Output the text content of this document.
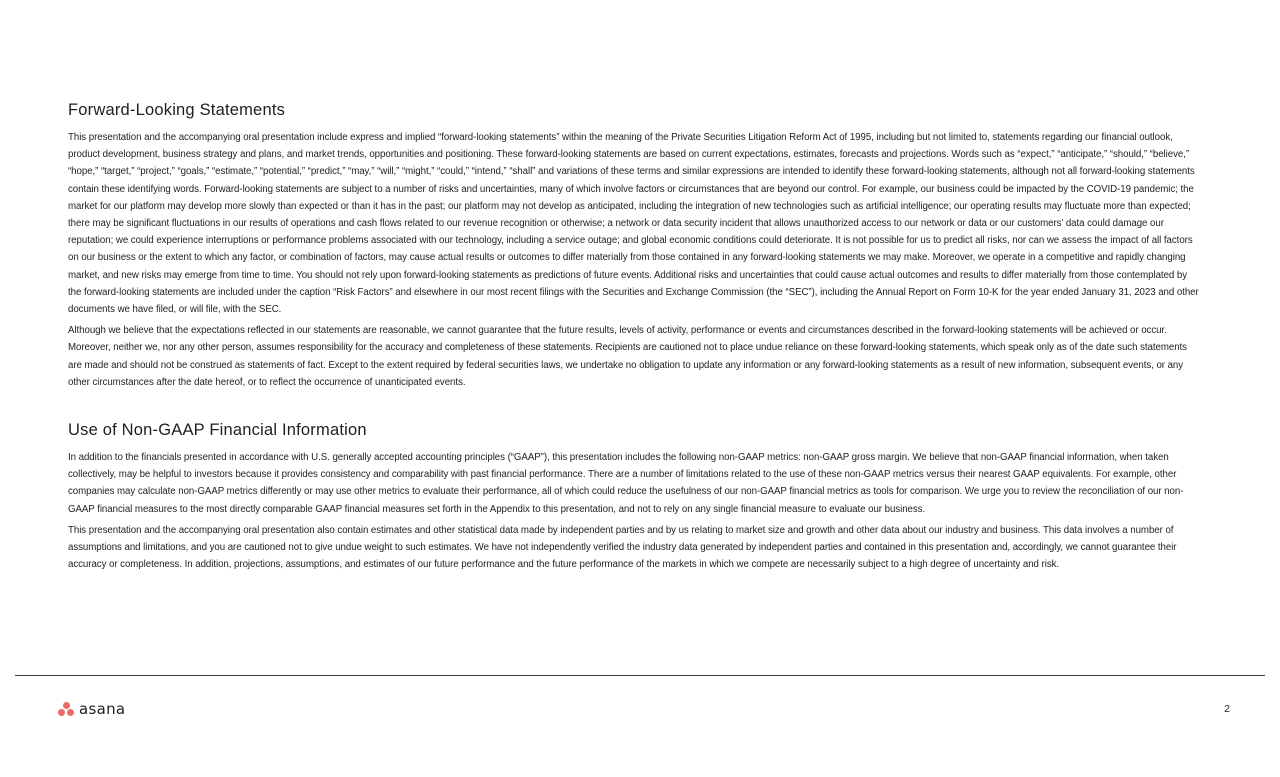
Forward-Looking Statements

This presentation and the accompanying oral presentation include express and implied “forward-looking statements” within the meaning of the Private Securities Litigation Reform Act of 1995, including but not limited to, statements regarding our financial outlook, product development, business strategy and plans, and market trends, opportunities and positioning. These forward-looking statements are based on current expectations, estimates, forecasts and projections. Words such as “expect,” “anticipate,” “should,” “believe,” “hope,” “target,” “project,” “goals,” “estimate,” “potential,” “predict,” “may,” “will,” “might,” “could,” “intend,” “shall” and variations of these terms and similar expressions are intended to identify these forward-looking statements, although not all forward-looking statements contain these identifying words. Forward-looking statements are subject to a number of risks and uncertainties, many of which involve factors or circumstances that are beyond our control. For example, our business could be impacted by the COVID-19 pandemic; the market for our platform may develop more slowly than expected or than it has in the past; our platform may not develop as anticipated, including the integration of new technologies such as artificial intelligence; our operating results may fluctuate more than expected; there may be significant fluctuations in our results of operations and cash flows related to our revenue recognition or otherwise; a network or data security incident that allows unauthorized access to our network or data or our customers’ data could damage our reputation; we could experience interruptions or performance problems associated with our technology, including a service outage; and global economic conditions could deteriorate. It is not possible for us to predict all risks, nor can we assess the impact of all factors on our business or the extent to which any factor, or combination of factors, may cause actual results or outcomes to differ materially from those contained in any forward-looking statements we may make. Moreover, we operate in a competitive and rapidly changing market, and new risks may emerge from time to time. You should not rely upon forward-looking statements as predictions of future events. Additional risks and uncertainties that could cause actual outcomes and results to differ materially from those contemplated by the forward-looking statements are included under the caption “Risk Factors” and elsewhere in our most recent filings with the Securities and Exchange Commission (the “SEC”), including the Annual Report on Form 10-K for the year ended January 31, 2023 and other documents we have filed, or will file, with the SEC.

Although we believe that the expectations reflected in our statements are reasonable, we cannot guarantee that the future results, levels of activity, performance or events and circumstances described in the forward-looking statements will be achieved or occur. Moreover, neither we, nor any other person, assumes responsibility for the accuracy and completeness of these statements. Recipients are cautioned not to place undue reliance on these forward-looking statements, which speak only as of the date such statements are made and should not be construed as statements of fact. Except to the extent required by federal securities laws, we undertake no obligation to update any information or any forward-looking statements as a result of new information, subsequent events, or any other circumstances after the date hereof, or to reflect the occurrence of unanticipated events.

Use of Non-GAAP Financial Information

In addition to the financials presented in accordance with U.S. generally accepted accounting principles (“GAAP”), this presentation includes the following non-GAAP metrics: non-GAAP gross margin. We believe that non-GAAP financial information, when taken collectively, may be helpful to investors because it provides consistency and comparability with past financial performance. There are a number of limitations related to the use of these non-GAAP metrics versus their nearest GAAP equivalents. For example, other companies may calculate non-GAAP metrics differently or may use other metrics to evaluate their performance, all of which could reduce the usefulness of our non-GAAP financial metrics as tools for comparison. We urge you to review the reconciliation of our non-GAAP financial measures to the most directly comparable GAAP financial measures set forth in the Appendix to this presentation, and not to rely on any single financial measure to evaluate our business.

This presentation and the accompanying oral presentation also contain estimates and other statistical data made by independent parties and by us relating to market size and growth and other data about our industry and business. This data involves a number of assumptions and limitations, and you are cautioned not to give undue weight to such estimates. We have not independently verified the industry data generated by independent parties and contained in this presentation and, accordingly, we cannot guarantee their accuracy or completeness. In addition, projections, assumptions, and estimates of our future performance and the future performance of the markets in which we compete are necessarily subject to a high degree of uncertainty and risk.

asana	2
